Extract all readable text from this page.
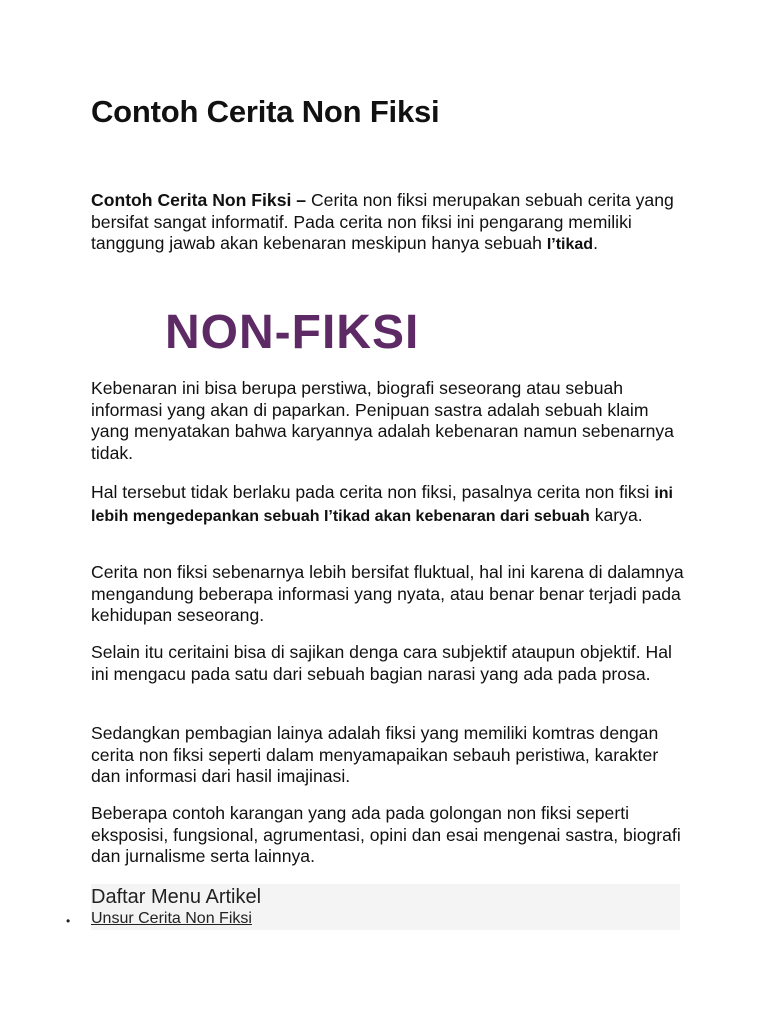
Contoh Cerita Non Fiksi

Contoh Cerita Non Fiksi – Cerita non fiksi merupakan sebuah cerita yang bersifat sangat informatif. Pada cerita non fiksi ini pengarang memiliki tanggung jawab akan kebenaran meskipun hanya sebuah I’tikad.

NON-FIKSI

Kebenaran ini bisa berupa perstiwa, biografi seseorang atau sebuah informasi yang akan di paparkan. Penipuan sastra adalah sebuah klaim yang menyatakan bahwa karyannya adalah kebenaran namun sebenarnya tidak.

Hal tersebut tidak berlaku pada cerita non fiksi, pasalnya cerita non fiksi ini lebih mengedepankan sebuah I’tikad akan kebenaran dari sebuah karya.

Cerita non fiksi sebenarnya lebih bersifat fluktual, hal ini karena di dalamnya mengandung beberapa informasi yang nyata, atau benar benar terjadi pada kehidupan seseorang.

Selain itu ceritaini bisa di sajikan denga cara subjektif ataupun objektif. Hal ini mengacu pada satu dari sebuah bagian narasi yang ada pada prosa.

Sedangkan pembagian lainya adalah fiksi yang memiliki komtras dengan cerita non fiksi seperti dalam menyamapaikan sebauh peristiwa, karakter dan informasi dari hasil imajinasi.

Beberapa contoh karangan yang ada pada golongan non fiksi seperti eksposisi, fungsional, agrumentasi, opini dan esai mengenai sastra, biografi dan jurnalisme serta lainnya.

Daftar Menu Artikel
• Unsur Cerita Non Fiksi
